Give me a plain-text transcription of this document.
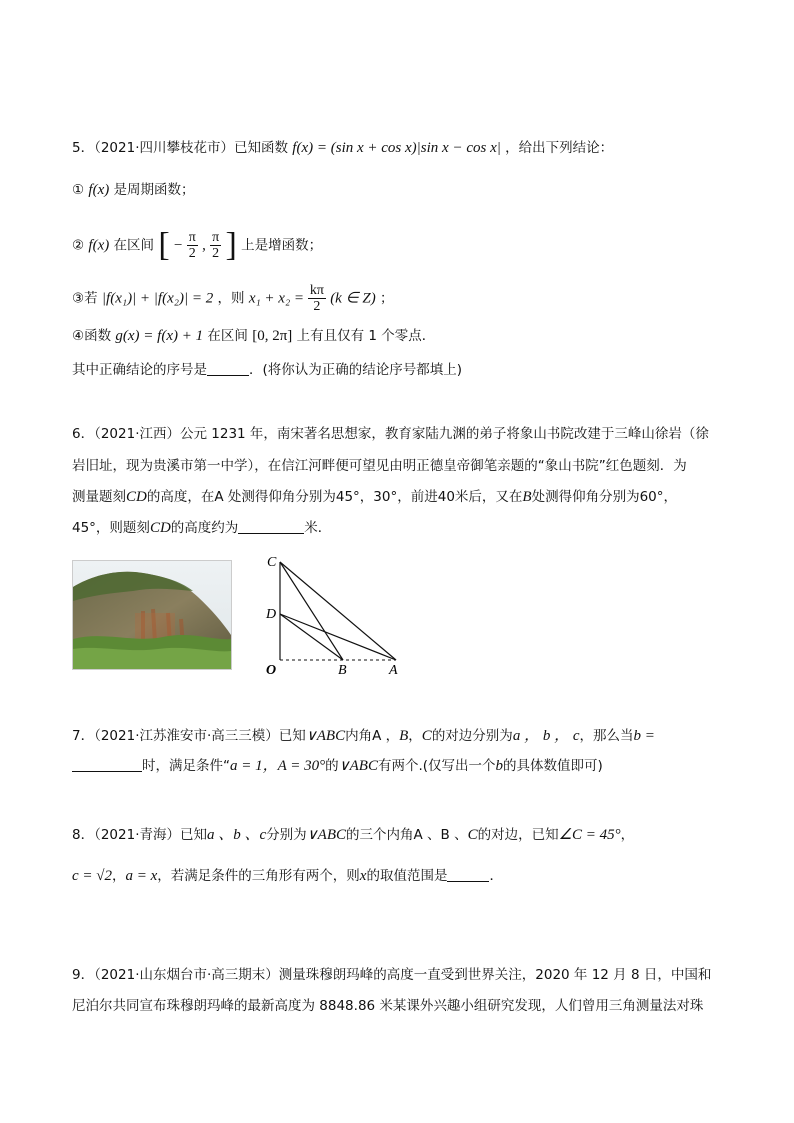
5．（2021·四川攀枝花市）已知函数 f(x) = (sin x + cos x)|sin x − cos x| ，给出下列结论：
① f(x) 是周期函数；
② f(x) 在区间 [ − $\frac{\pi}{2}$ , $\frac{\pi}{2}$ ] 上是增函数；
③若 |f(x₁)| + |f(x₂)| = 2 ，则 $x_1 + x_2 = \frac{k\pi}{2} (k$ ∈ Z) ；
④函数 g(x) = f(x) + 1 在区间 [0, 2π] 上有且仅有 1 个零点．
其中正确结论的序号是	．(将你认为正确的结论序号都填上)
6．（2021·江西）公元 1231 年，南宋著名思想家，教育家陆九渊的弟子将象山书院改建于三峰山徐岩（徐
岩旧址，现为贵溪市第一中学），在信江河畔便可望见由明正德皇帝御笔亲题的“象山书院”红色题刻．为
测量题刻CD的高度，在A 处测得仰角分别为45°，30°，前进40米后，又在B处测得仰角分别为60°，
45°，则题刻CD的高度约为	米．
C
D
O	B	A
7．（2021·江苏淮安市·高三三模）已知∨ABC内角A ，B，C的对边分别为a ， b ， c，那么当b =
时，满足条件“a = 1，A = 30°的∨ABC有两个.(仅写出一个b的具体数值即可)
8．（2021·青海）已知a 、b 、c分别为∨ABC的三个内角A 、B 、C的对边，已知∠C = 45°，
c = √2，a = x，若满足条件的三角形有两个，则x的取值范围是	．
9．（2021·山东烟台市·高三期末）测量珠穆朗玛峰的高度一直受到世界关注，2020 年 12 月 8 日，中国和
尼泊尔共同宣布珠穆朗玛峰的最新高度为 8848.86 米某课外兴趣小组研究发现，人们曾用三角测量法对珠
